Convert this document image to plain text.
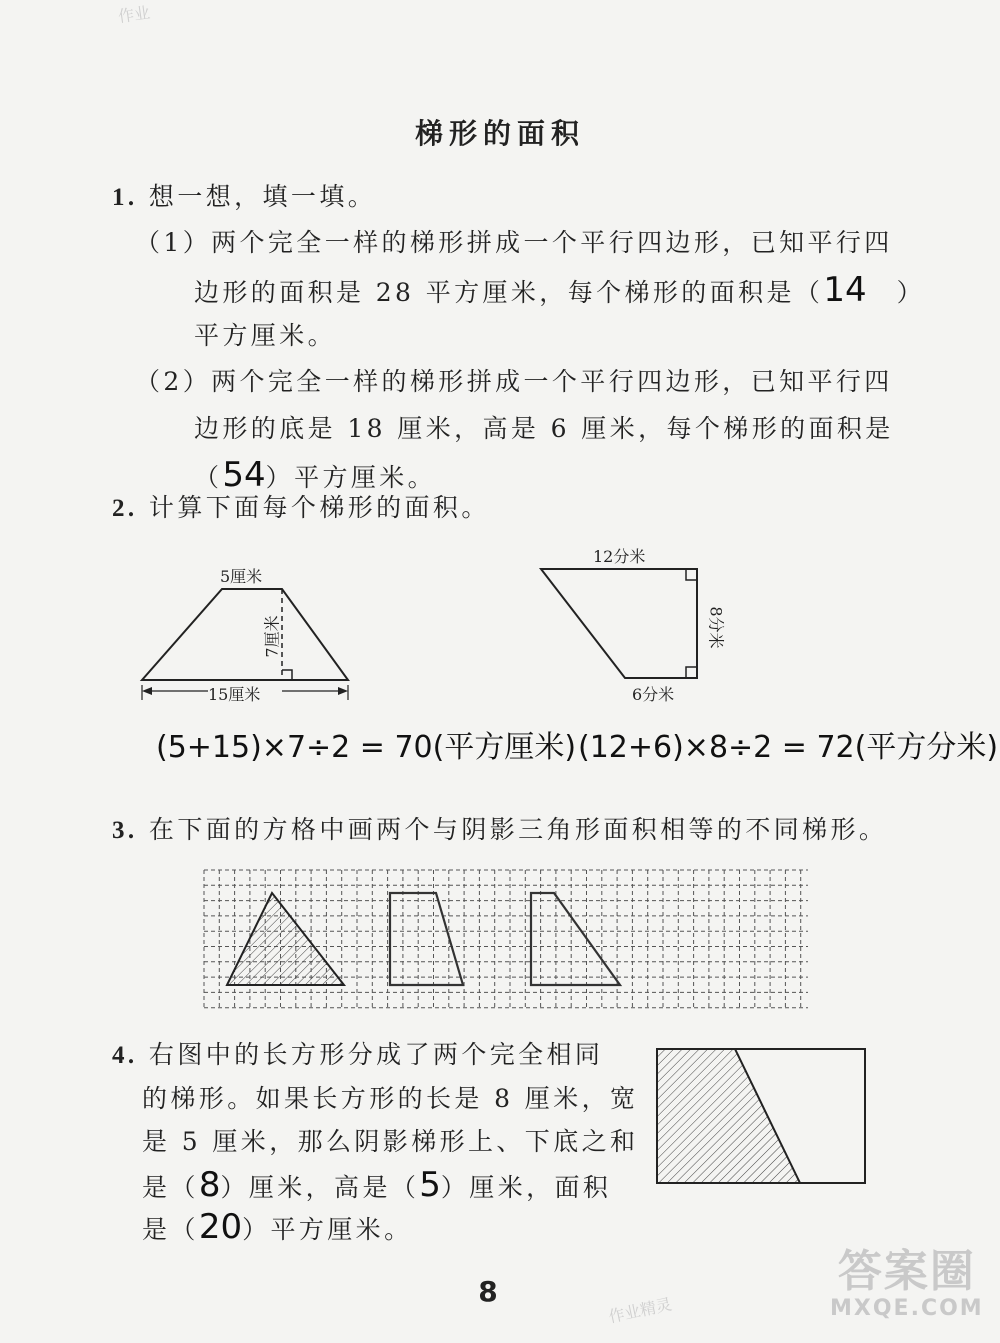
作业
作业精灵
答案圈
MXQE.COM
梯形的面积
1. 想一想，填一填。
（1）两个完全一样的梯形拼成一个平行四边形，已知平行四
边形的面积是 28 平方厘米，每个梯形的面积是（14 ）
平方厘米。
（2）两个完全一样的梯形拼成一个平行四边形，已知平行四
边形的底是 18 厘米，高是 6 厘米，每个梯形的面积是
（54）平方厘米。
2. 计算下面每个梯形的面积。
5厘米
7厘米
15厘米
12分米
8分米
6分米
(5+15)×7÷2 = 70(平方厘米) (12+6)×8÷2 = 72(平方分米)
3. 在下面的方格中画两个与阴影三角形面积相等的不同梯形。
4. 右图中的长方形分成了两个完全相同
的梯形。如果长方形的长是 8 厘米，宽
是 5 厘米，那么阴影梯形上、下底之和
是（8）厘米，高是（5）厘米，面积
是（20）平方厘米。
8
